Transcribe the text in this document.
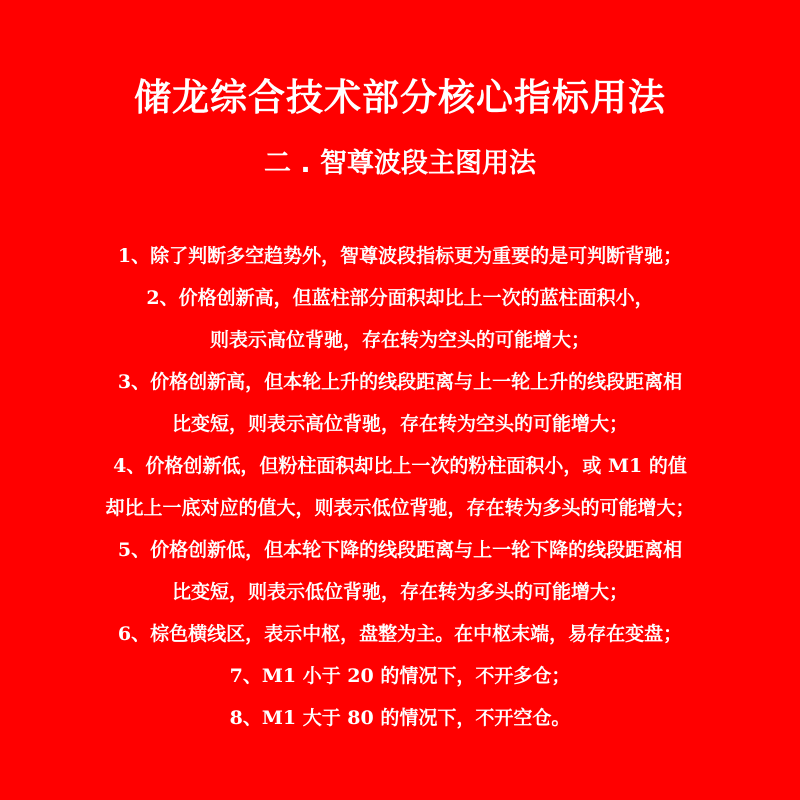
储龙综合技术部分核心指标用法
二 . 智尊波段主图用法
1、除了判断多空趋势外，智尊波段指标更为重要的是可判断背驰；
2、价格创新高，但蓝柱部分面积却比上一次的蓝柱面积小，
则表示高位背驰，存在转为空头的可能增大；
3、价格创新高，但本轮上升的线段距离与上一轮上升的线段距离相
比变短，则表示高位背驰，存在转为空头的可能增大；
4、价格创新低，但粉柱面积却比上一次的粉柱面积小，或 M1 的值
却比上一底对应的值大，则表示低位背驰，存在转为多头的可能增大；
5、价格创新低，但本轮下降的线段距离与上一轮下降的线段距离相
比变短，则表示低位背驰，存在转为多头的可能增大；
6、棕色横线区，表示中枢，盘整为主。在中枢末端，易存在变盘；
7、M1 小于 20 的情况下，不开多仓；
8、M1 大于 80 的情况下，不开空仓。
